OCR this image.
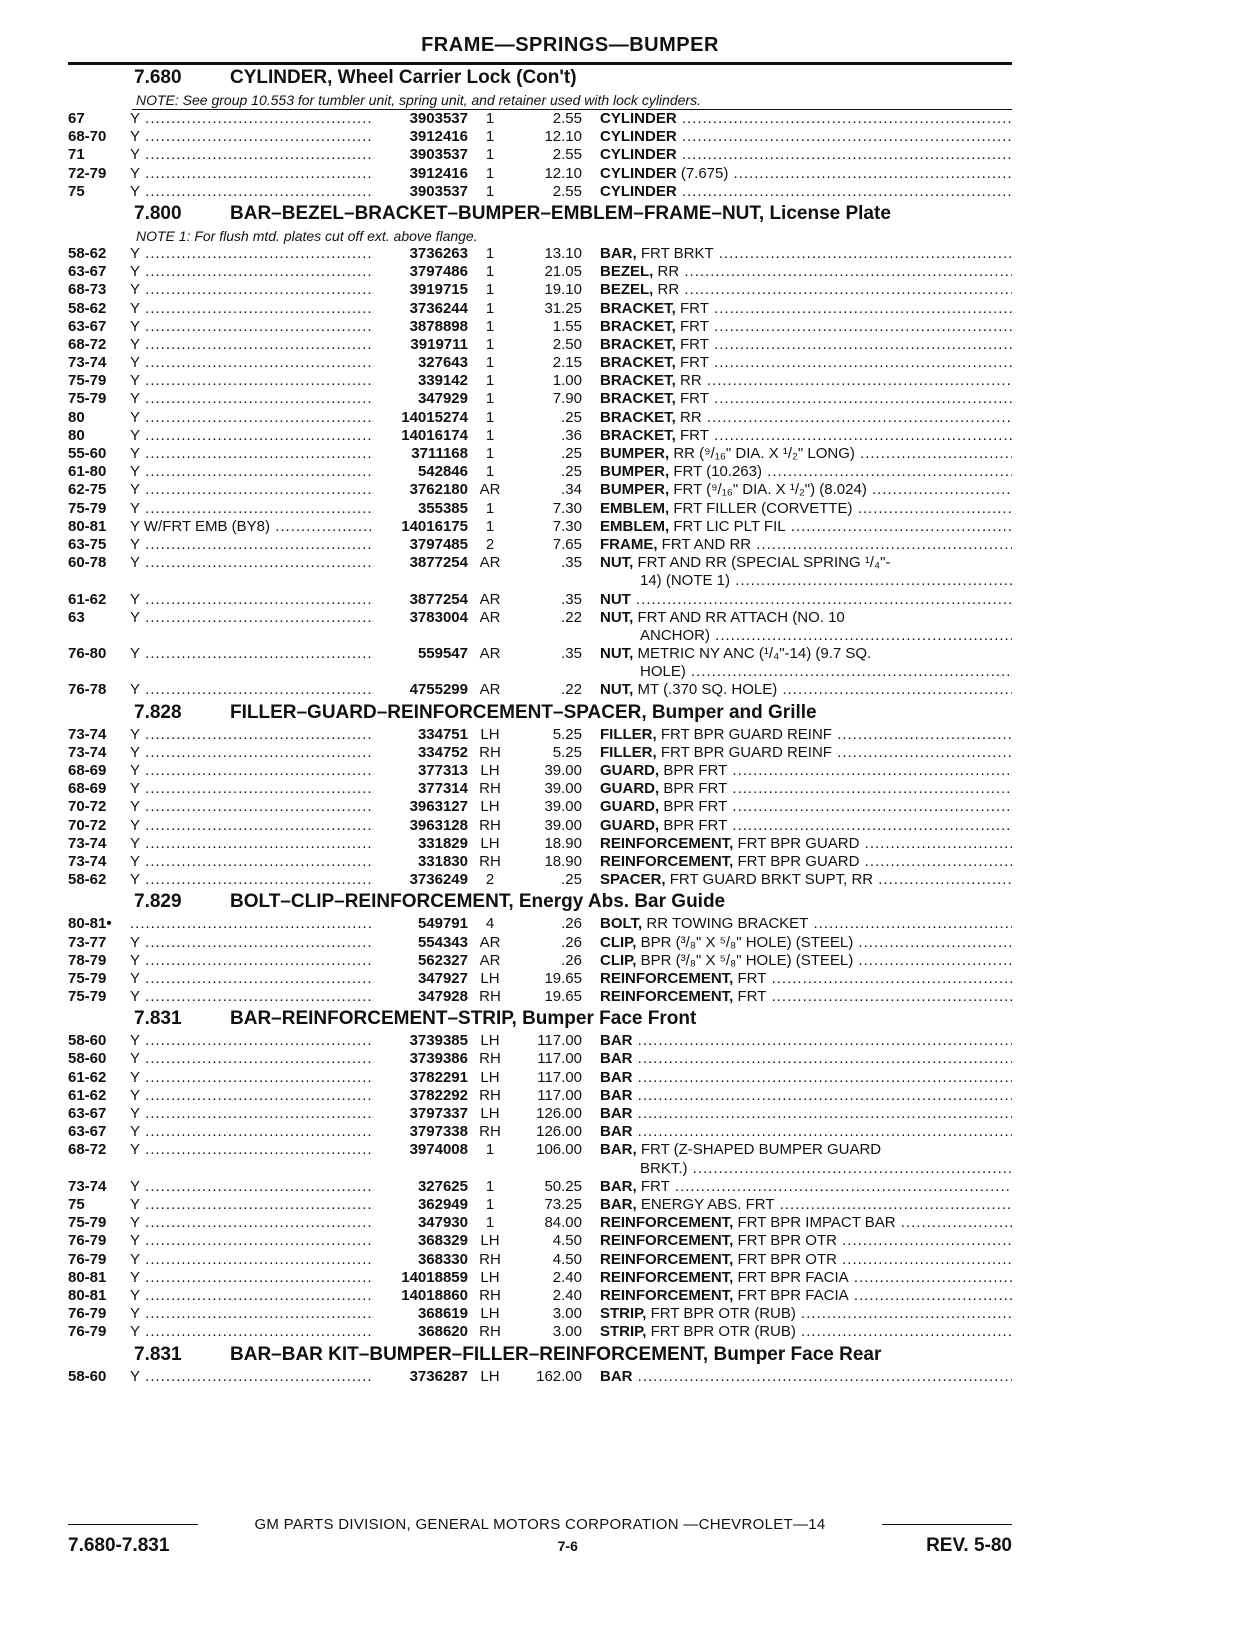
FRAME—SPRINGS—BUMPER
7.680	CYLINDER, Wheel Carrier Lock (Con't)
NOTE: See group 10.553 for tumbler unit, spring unit, and retainer used with lock cylinders.
67	Y .....	3903537	1	2.55 CYLINDER .....
68-70	Y .....	3912416	1	12.10 CYLINDER .....
71	Y .....	3903537	1	2.55 CYLINDER .....
72-79	Y .....	3912416	1	12.10 CYLINDER (7.675) .....
75	Y .....	3903537	1	2.55 CYLINDER .....
7.800	BAR–BEZEL–BRACKET–BUMPER–EMBLEM–FRAME–NUT, License Plate
NOTE 1: For flush mtd. plates cut off ext. above flange.
58-62	Y .....	3736263	1	13.10 BAR, FRT BRKT .....
63-67	Y .....	3797486	1	21.05 BEZEL, RR .....
68-73	Y .....	3919715	1	19.10 BEZEL, RR .....
58-62	Y .....	3736244	1	31.25 BRACKET, FRT .....
63-67	Y .....	3878898	1	1.55 BRACKET, FRT .....
68-72	Y .....	3919711	1	2.50 BRACKET, FRT .....
73-74	Y .....	327643	1	2.15 BRACKET, FRT .....
75-79	Y .....	339142	1	1.00 BRACKET, RR .....
75-79	Y .....	347929	1	7.90 BRACKET, FRT .....
80	Y .....	14015274	1	.25 BRACKET, RR .....
80	Y .....	14016174	1	.36 BRACKET, FRT .....
55-60	Y .....	3711168	1	.25 BUMPER, RR (⁹/₁₆" DIA. X ¹/₂" LONG) .....
61-80	Y .....	542846	1	.25 BUMPER, FRT (10.263) .....
62-75	Y .....	3762180 AR	.34 BUMPER, FRT (⁹/₁₆" DIA. X ¹/₂") (8.024) .....
75-79	Y .....	355385	1	7.30 EMBLEM, FRT FILLER (CORVETTE) .....
80-81	Y W/FRT EMB (BY8) .....	14016175	1	7.30 EMBLEM, FRT LIC PLT FIL .....
63-75	Y .....	3797485	2	7.65 FRAME, FRT AND RR .....
60-78	Y .....	3877254 AR	.35 NUT, FRT AND RR (SPECIAL SPRING ¹/₄"-
14) (NOTE 1) .....
61-62	Y .....	3877254 AR	.35 NUT .....
63	Y .....	3783004 AR	.22 NUT, FRT AND RR ATTACH (NO. 10
ANCHOR) .....
76-80	Y .....	559547 AR	.35 NUT, METRIC NY ANC (¹/₄"-14) (9.7 SQ.
HOLE) .....
76-78	Y .....	4755299 AR	.22 NUT, MT (.370 SQ. HOLE) .....
7.828	FILLER–GUARD–REINFORCEMENT–SPACER, Bumper and Grille
73-74	Y .....	334751 LH	5.25 FILLER, FRT BPR GUARD REINF .....
73-74	Y .....	334752 RH	5.25 FILLER, FRT BPR GUARD REINF .....
68-69	Y .....	377313 LH	39.00 GUARD, BPR FRT .....
68-69	Y .....	377314 RH	39.00 GUARD, BPR FRT .....
70-72	Y .....	3963127 LH	39.00 GUARD, BPR FRT .....
70-72	Y .....	3963128 RH	39.00 GUARD, BPR FRT .....
73-74	Y .....	331829 LH	18.90 REINFORCEMENT, FRT BPR GUARD .....
73-74	Y .....	331830 RH	18.90 REINFORCEMENT, FRT BPR GUARD .....
58-62	Y .....	3736249	2	.25 SPACER, FRT GUARD BRKT SUPT, RR .....
7.829	BOLT–CLIP–REINFORCEMENT, Energy Abs. Bar Guide
80-81•
.....	549791	4	.26 BOLT, RR TOWING BRACKET .....
73-77	Y .....	554343 AR	.26 CLIP, BPR (³/₈" X ⁵/₈" HOLE) (STEEL) .....
78-79	Y .....	562327 AR	.26 CLIP, BPR (³/₈" X ⁵/₈" HOLE) (STEEL) .....
75-79	Y .....	347927 LH	19.65 REINFORCEMENT, FRT .....
75-79	Y .....	347928 RH	19.65 REINFORCEMENT, FRT .....
7.831	BAR–REINFORCEMENT–STRIP, Bumper Face Front
58-60	Y .....	3739385 LH	117.00 BAR .....
58-60	Y .....	3739386 RH	117.00 BAR .....
61-62	Y .....	3782291 LH	117.00 BAR .....
61-62	Y .....	3782292 RH	117.00 BAR .....
63-67	Y .....	3797337 LH	126.00 BAR .....
63-67	Y .....	3797338 RH	126.00 BAR .....
68-72	Y .....	3974008	1	106.00 BAR, FRT (Z-SHAPED BUMPER GUARD
BRKT.) .....
73-74	Y .....	327625	1	50.25 BAR, FRT .....
75	Y .....	362949	1	73.25 BAR, ENERGY ABS. FRT .....
75-79	Y .....	347930	1	84.00 REINFORCEMENT, FRT BPR IMPACT BAR .....
76-79	Y .....	368329 LH	4.50 REINFORCEMENT, FRT BPR OTR .....
76-79	Y .....	368330 RH	4.50 REINFORCEMENT, FRT BPR OTR .....
80-81	Y .....	14018859 LH	2.40 REINFORCEMENT, FRT BPR FACIA .....
80-81	Y .....	14018860 RH	2.40 REINFORCEMENT, FRT BPR FACIA .....
76-79	Y .....	368619 LH	3.00 STRIP, FRT BPR OTR (RUB) .....
76-79	Y .....	368620 RH	3.00 STRIP, FRT BPR OTR (RUB) .....
7.831	BAR–BAR KIT–BUMPER–FILLER–REINFORCEMENT, Bumper Face Rear
58-60	Y .....	3736287 LH	162.00 BAR .....
GM PARTS DIVISION, GENERAL MOTORS CORPORATION —CHEVROLET—14
7.680-7.831	7-6	REV. 5-80
